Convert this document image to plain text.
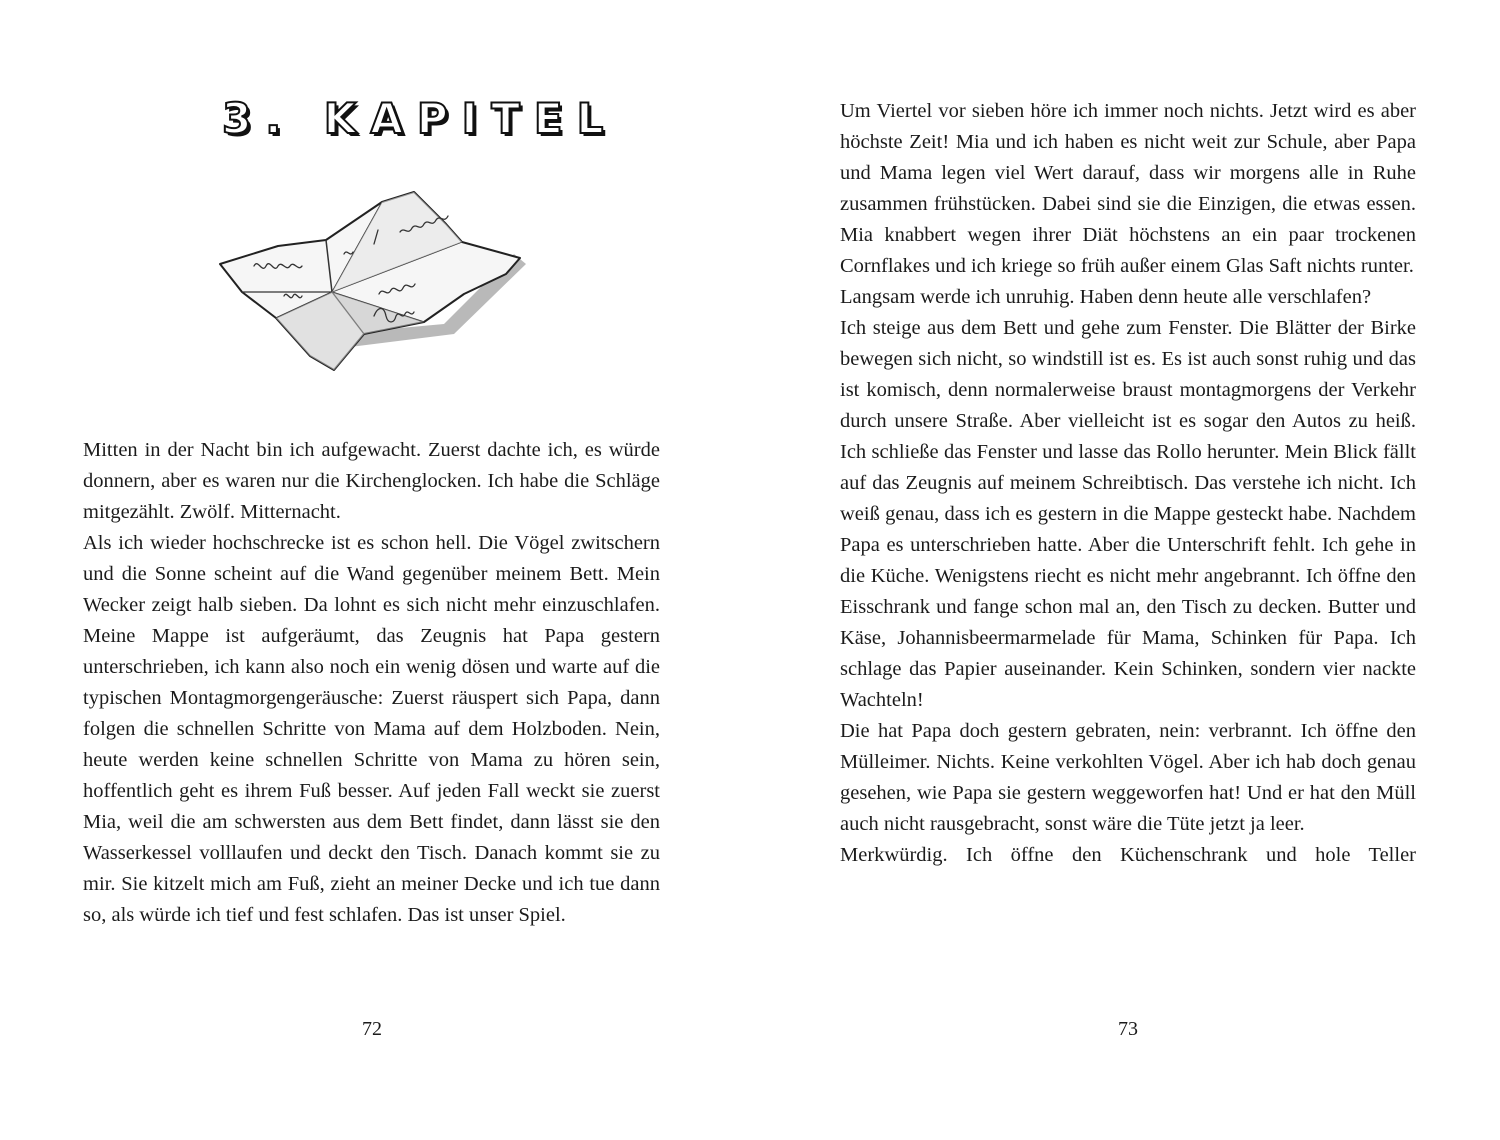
3. KAPITEL

Mitten in der Nacht bin ich aufgewacht. Zuerst dachte ich, es würde donnern, aber es waren nur die Kirchenglocken. Ich habe die Schläge mitgezählt. Zwölf. Mitternacht.

Als ich wieder hochschrecke ist es schon hell. Die Vögel zwitschern und die Sonne scheint auf die Wand gegenüber meinem Bett. Mein Wecker zeigt halb sieben. Da lohnt es sich nicht mehr einzuschlafen. Meine Mappe ist aufgeräumt, das Zeugnis hat Papa gestern unterschrieben, ich kann also noch ein wenig dösen und warte auf die typischen Montagmorgengeräusche: Zuerst räuspert sich Papa, dann folgen die schnellen Schritte von Mama auf dem Holzboden. Nein, heute werden keine schnellen Schritte von Mama zu hören sein, hoffentlich geht es ihrem Fuß besser. Auf jeden Fall weckt sie zuerst Mia, weil die am schwersten aus dem Bett findet, dann lässt sie den Wasserkessel volllaufen und deckt den Tisch. Danach kommt sie zu mir. Sie kitzelt mich am Fuß, zieht an meiner Decke und ich tue dann so, als würde ich tief und fest schlafen. Das ist unser Spiel.

72

Um Viertel vor sieben höre ich immer noch nichts. Jetzt wird es aber höchste Zeit! Mia und ich haben es nicht weit zur Schule, aber Papa und Mama legen viel Wert darauf, dass wir morgens alle in Ruhe zusammen frühstücken. Dabei sind sie die Einzigen, die etwas essen. Mia knabbert wegen ihrer Diät höchstens an ein paar trockenen Cornflakes und ich kriege so früh außer einem Glas Saft nichts runter.

Langsam werde ich unruhig. Haben denn heute alle verschlafen?

Ich steige aus dem Bett und gehe zum Fenster. Die Blätter der Birke bewegen sich nicht, so windstill ist es. Es ist auch sonst ruhig und das ist komisch, denn normalerweise braust montagmorgens der Verkehr durch unsere Straße. Aber vielleicht ist es sogar den Autos zu heiß. Ich schließe das Fenster und lasse das Rollo herunter. Mein Blick fällt auf das Zeugnis auf meinem Schreibtisch. Das verstehe ich nicht. Ich weiß genau, dass ich es gestern in die Mappe gesteckt habe. Nachdem Papa es unterschrieben hatte. Aber die Unterschrift fehlt. Ich gehe in die Küche. Wenigstens riecht es nicht mehr angebrannt. Ich öffne den Eisschrank und fange schon mal an, den Tisch zu decken. Butter und Käse, Johannisbeermarmelade für Mama, Schinken für Papa. Ich schlage das Papier auseinander. Kein Schinken, sondern vier nackte Wachteln!

Die hat Papa doch gestern gebraten, nein: verbrannt. Ich öffne den Mülleimer. Nichts. Keine verkohlten Vögel. Aber ich hab doch genau gesehen, wie Papa sie gestern weggeworfen hat! Und er hat den Müll auch nicht rausgebracht, sonst wäre die Tüte jetzt ja leer.

Merkwürdig. Ich öffne den Küchenschrank und hole Teller

73
